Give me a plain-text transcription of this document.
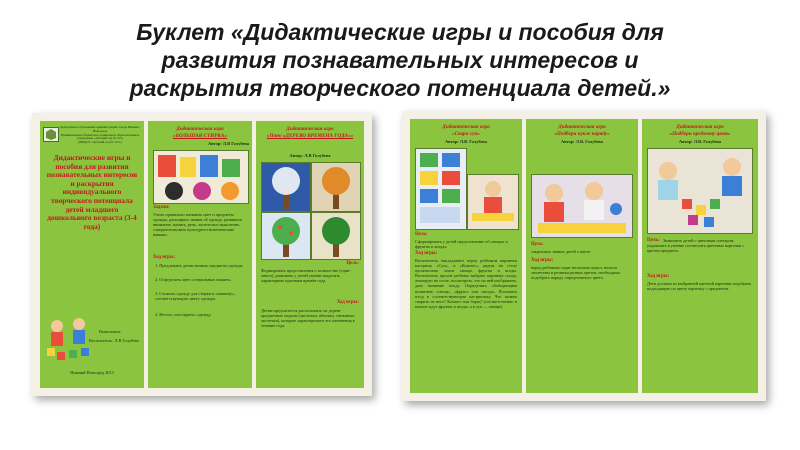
Буклет «Дидактические игры и пособия для
развития познавательных интересов и
раскрытия творческого потенциала детей.»
Департамент образования администрации города Нижнего Новгорода
Муниципальное бюджетное дошкольное образовательное учреждение «Детский сад № 313»
(МБДОУ «Детский сад № 313»)
Дидактические игры и пособия для развития познавательных интересов и раскрытия индивидуального творческого потенциала детей младшего дошкольного возраста (3-4 года)
Выполнила:
Воспитатель: Л.В Голубева
Нижний Новгород 2013
Дидактическая игра
«БОЛЬШАЯ СТИРКА»
Автор: Л.В Голубева
Задачи:
Учить правильно называть цвет и предметы одежды, расширять знания об одежде, развивать внимание, память, речь, логическое мышление, совершенствовать культурно-гигиенические навыки.
Ход игры:
1. Предложить детям назвать предметы одежды.
2. Определить цвет «стиральных машин».
3. Сложить одежду для стирки в «машину», соответствующую цвету одежды.
4. Весело «постирать» одежду.
Дидактическая игра
«Пано «ДЕРЕВО ВРЕМЕНА ГОДА»»
Автор: Л.В Голубева
Цель:
Формировать представления о количестве (один-много), развивать у детей умение выделять характерные признаки времён года.
Ход игры:
Детям предлагается расположить на дереве предметные модели (листочки, яблочки, снежинки, листочки), которые характеризуют его изменения в течение года.
Дидактическая игра
«Свари суп»
Автор: Л.В. Голубева
Цель:
Сформировать у детей представление об овощах и фруктах и ягодах.
Ход игры:
Воспитатель накладывает перед ребёнком картинки кастрюль «Суп», и «Компот», рядом на столе произвольно лежат овощи, фрукты и ягоды. Воспитатель просит ребёнка выбрать картинку плода, лежащую на столе, посмотреть, что на ней изображено, дать название плоду. Определить обобщающим понятием: «овощ», «фрукт» или «ягода». Положить плод в соответствующую кастрюльку. Что можно сварить из него? Компот или борщ? (соответственно в компот идут фрукты и ягоды, а в суп — овощи).
Дидактическая игра
«Подбери кукле наряду»
Автор: Л.В. Голубева
Цель:
закреплять знание детей о цвете.
Ход игры:
перед ребёнком сидят несколько кукол, волосы заплетены в резинки разных цветов, необходимо подобрать наряду определенного цвета.
Дидактическая игра
«Подбери предмету цвет»
Автор: Л.В. Голубева
Цель: Знакомить детей с цветовым спектром, упражнять в умение соотносить цветовые карточки с цветом предмета.
Ход игры:
Дети должны из выбранной цветной карточки подобрать подходящую по цвету карточку с предметом.
